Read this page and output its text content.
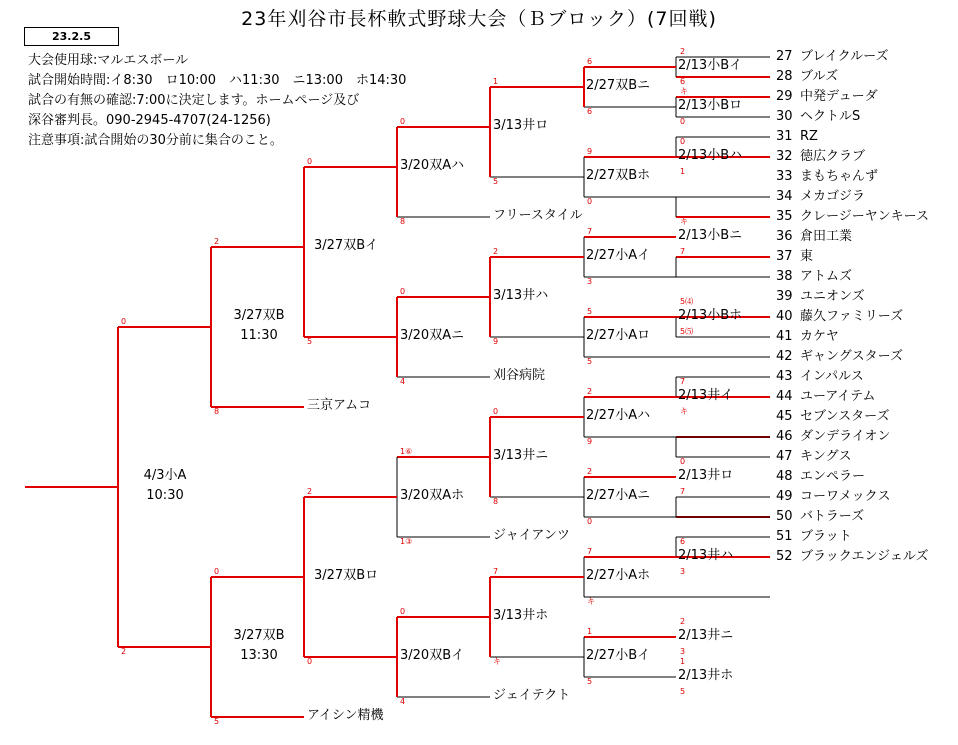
23年刈谷市長杯軟式野球大会（Ｂブロック）(7回戦)
23.2.5
大会使用球:マルエスボール
試合開始時間:イ8:30　ロ10:00　ハ11:30　ニ13:00　ホ14:30
試合の有無の確認:7:00に決定します。ホームページ及び
深谷審判長。090-2945-4707(24-1256)
注意事項:試合開始の30分前に集合のこと。
27 ブレイクルーズ
28 ブルズ
29 中発デューダ
30 ヘクトルS
31 RZ
32 徳広クラブ
33 まもちゃんず
34 メカゴジラ
35 クレージーヤンキース
36 倉田工業
37 東
38 アトムズ
39 ユニオンズ
40 藤久ファミリーズ
41 カケヤ
42 ギャングスターズ
43 インパルス
44 ユーアイテム
45 セブンスターズ
46 ダンデライオン
47 キングス
48 エンペラー
49 コーワメックス
50 バトラーズ
51 ブラット
52 ブラックエンジェルズ
2/13小Bイ
2/13小Bロ
2/13小Bハ
2/13小Bニ
2/13小Bホ
2/13井イ
2/13井ロ
2/13井ハ
2/13井ニ
2/13井ホ
2/27双Bニ
2/27双Bホ
2/27小Aイ
2/27小Aロ
2/27小Aハ
2/27小Aニ
2/27小Aホ
2/27小Bイ
3/13井ロ
フリースタイル
3/13井ハ
刈谷病院
3/13井ニ
ジャイアンツ
3/13井ホ
ジェイテクト
3/20双Aハ
3/20双Aニ
3/20双Aホ
3/20双Bイ
3/27双Bイ
三京アムコ
3/27双Bロ
アイシン精機
3/27双B
11:30
3/27双B
13:30
4/3小A
10:30
2
6
キ
0
0
1
キ
7
5⑷
5⑸
7
キ
0
7
6
3
2
3
1
5
6
6
9
0
7
3
5
5
2
9
2
0
7
キ
1
5
1
5
2
9
0
8
7
キ
0
8
0
4
1⑥
1③
0
4
0
5
2
0
2
8
0
5
0
2
